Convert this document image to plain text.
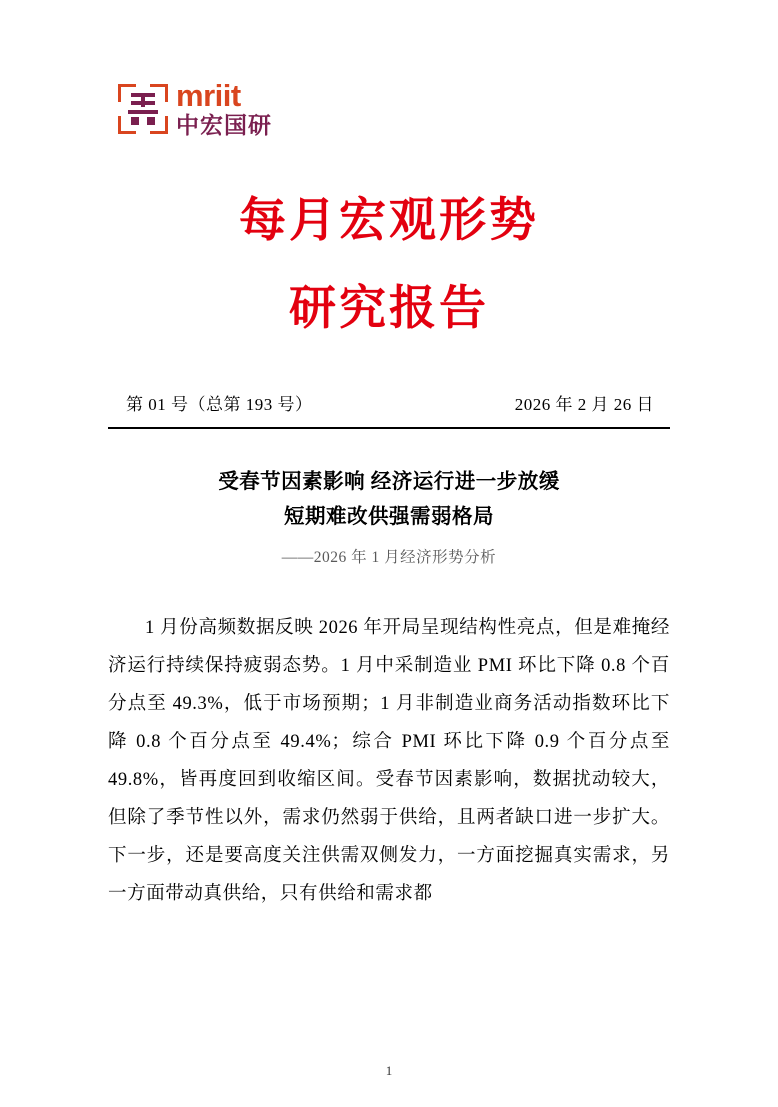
mriit
中宏国研
每月宏观形势
研究报告
第 01 号（总第 193 号）	2026 年 2 月 26 日
受春节因素影响 经济运行进一步放缓
短期难改供强需弱格局
——2026 年 1 月经济形势分析
1 月份高频数据反映 2026 年开局呈现结构性亮点，但是难掩经济运行持续保持疲弱态势。1 月中采制造业 PMI 环比下降 0.8 个百分点至 49.3%，低于市场预期；1 月非制造业商务活动指数环比下降 0.8 个百分点至 49.4%；综合 PMI 环比下降 0.9 个百分点至 49.8%，皆再度回到收缩区间。受春节因素影响，数据扰动较大，但除了季节性以外，需求仍然弱于供给，且两者缺口进一步扩大。下一步，还是要高度关注供需双侧发力，一方面挖掘真实需求，另一方面带动真供给，只有供给和需求都
1
